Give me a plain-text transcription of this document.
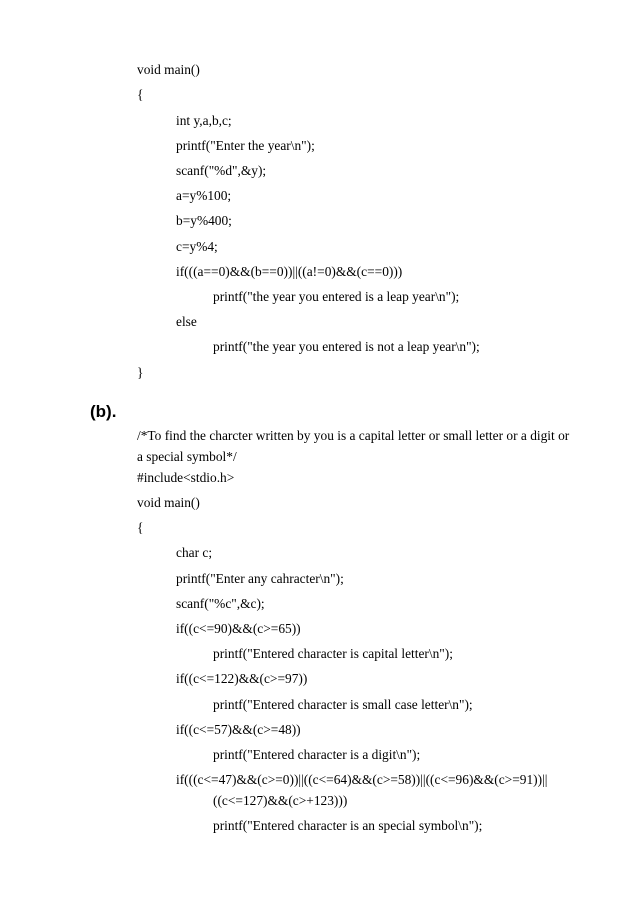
void main()
{
int y,a,b,c;
printf("Enter the year\n");
scanf("%d",&y);
a=y%100;
b=y%400;
c=y%4;
if(((a==0)&&(b==0))||((a!=0)&&(c==0)))
printf("the year you entered is a leap year\n");
else
printf("the year you entered is not a leap year\n");
}
(b).
/*To find the charcter written by you is a capital letter or small letter or a digit or a special symbol*/
#include<stdio.h>
void main()
{
char c;
printf("Enter any cahracter\n");
scanf("%c",&c);
if((c<=90)&&(c>=65))
printf("Entered character is capital letter\n");
if((c<=122)&&(c>=97))
printf("Entered character is small case letter\n");
if((c<=57)&&(c>=48))
printf("Entered character is a digit\n");
if(((c<=47)&&(c>=0))||((c<=64)&&(c>=58))||((c<=96)&&(c>=91))||
((c<=127)&&(c>+123)))
printf("Entered character is an special symbol\n");
